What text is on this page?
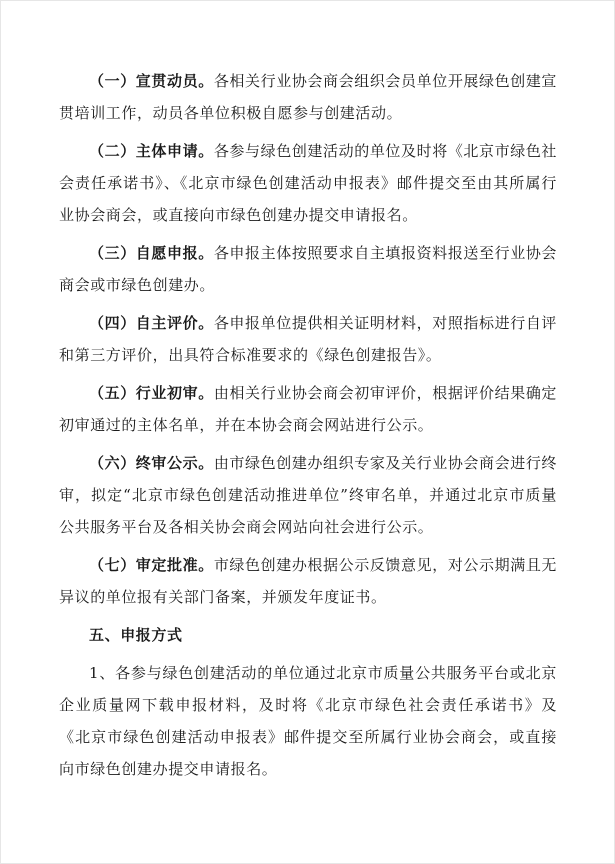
（一）宣贯动员。各相关行业协会商会组织会员单位开展绿色创建宣贯培训工作，动员各单位积极自愿参与创建活动。

（二）主体申请。各参与绿色创建活动的单位及时将《北京市绿色社会责任承诺书》、《北京市绿色创建活动申报表》邮件提交至由其所属行业协会商会，或直接向市绿色创建办提交申请报名。

（三）自愿申报。各申报主体按照要求自主填报资料报送至行业协会商会或市绿色创建办。

（四）自主评价。各申报单位提供相关证明材料，对照指标进行自评和第三方评价，出具符合标准要求的《绿色创建报告》。

（五）行业初审。由相关行业协会商会初审评价，根据评价结果确定初审通过的主体名单，并在本协会商会网站进行公示。

（六）终审公示。由市绿色创建办组织专家及关行业协会商会进行终审，拟定“北京市绿色创建活动推进单位”终审名单，并通过北京市质量公共服务平台及各相关协会商会网站向社会进行公示。

（七）审定批准。市绿色创建办根据公示反馈意见，对公示期满且无异议的单位报有关部门备案，并颁发年度证书。

五、申报方式

1、各参与绿色创建活动的单位通过北京市质量公共服务平台或北京企业质量网下载申报材料，及时将《北京市绿色社会责任承诺书》及《北京市绿色创建活动申报表》邮件提交至所属行业协会商会，或直接向市绿色创建办提交申请报名。
